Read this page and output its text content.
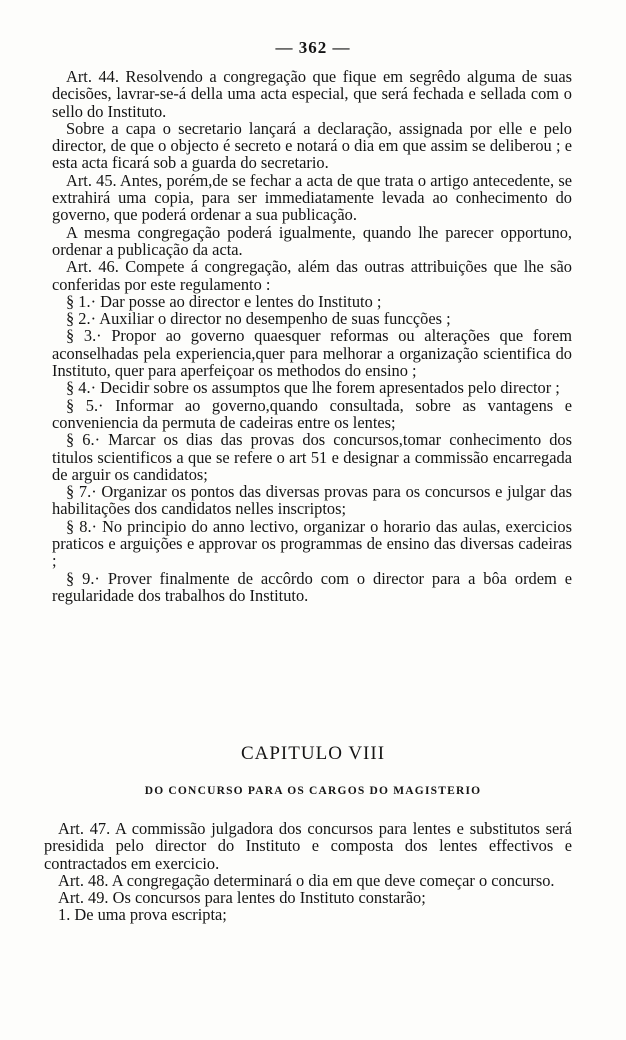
— 362 —

Art. 44. Resolvendo a congregação que fique em segrêdo alguma de suas decisões, lavrar-se-á della uma acta especial, que será fechada e sellada com o sello do Instituto.

Sobre a capa o secretario lançará a declaração, assignada por elle e pelo director, de que o objecto é secreto e notará o dia em que assim se deliberou ; e esta acta ficará sob a guarda do secretario.

Art. 45. Antes, porém,de se fechar a acta de que trata o artigo antecedente, se extrahirá uma copia, para ser immediatamente levada ao conhecimento do governo, que poderá ordenar a sua publicação.

A mesma congregação poderá igualmente, quando lhe parecer opportuno, ordenar a publicação da acta.

Art. 46. Compete á congregação, além das outras attribuições que lhe são conferidas por este regulamento :

§ 1.· Dar posse ao director e lentes do Instituto ;

§ 2.· Auxiliar o director no desempenho de suas funcções ;

§ 3.· Propor ao governo quaesquer reformas ou alterações que forem aconselhadas pela experiencia,quer para melhorar a organização scientifica do Instituto, quer para aperfeiçoar os methodos do ensino ;

§ 4.· Decidir sobre os assumptos que lhe forem apresentados pelo director ;

§ 5.· Informar ao governo,quando consultada, sobre as vantagens e conveniencia da permuta de cadeiras entre os lentes;

§ 6.· Marcar os dias das provas dos concursos,tomar conhecimento dos titulos scientificos a que se refere o art 51 e designar a commissão encarregada de arguir os candidatos;

§ 7.· Organizar os pontos das diversas provas para os concursos e julgar das habilitações dos candidatos nelles inscriptos;

§ 8.· No principio do anno lectivo, organizar o horario das aulas, exercicios praticos e arguições e approvar os programmas de ensino das diversas cadeiras ;

§ 9.· Prover finalmente de accôrdo com o director para a bôa ordem e regularidade dos trabalhos do Instituto.

CAPITULO VIII
DO CONCURSO PARA OS CARGOS DO MAGISTERIO

Art. 47. A commissão julgadora dos concursos para lentes e substitutos será presidida pelo director do Instituto e composta dos lentes effectivos e contractados em exercicio.

Art. 48. A congregação determinará o dia em que deve começar o concurso.

Art. 49. Os concursos para lentes do Instituto constarão;

1. De uma prova escripta;
